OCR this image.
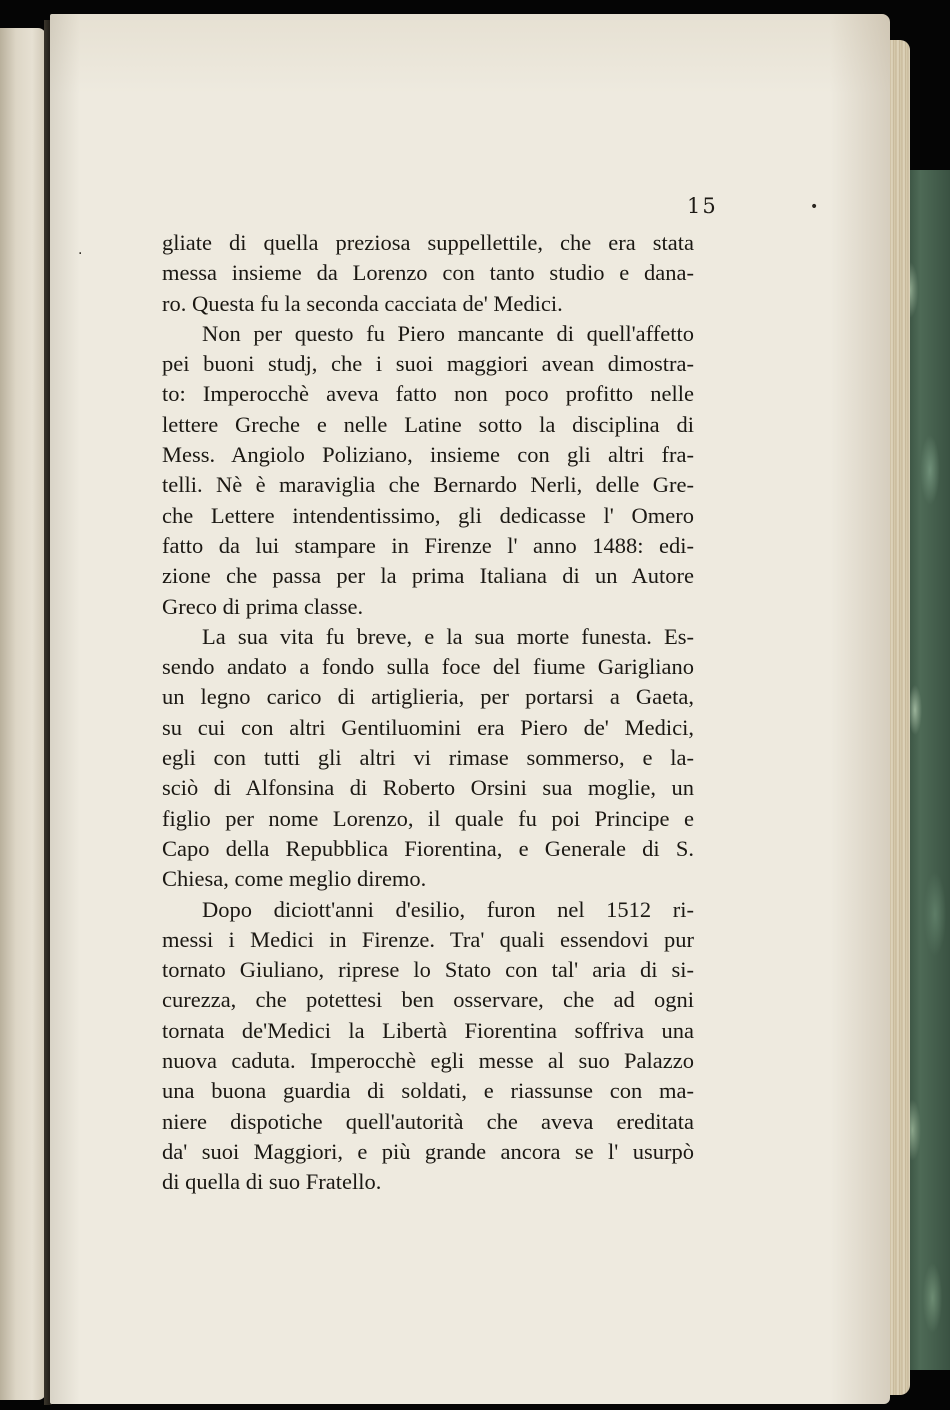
15
gliate di quella preziosa suppellettile, che era stata
messa insieme da Lorenzo con tanto studio e dana-
ro. Questa fu la seconda cacciata de' Medici.
Non per questo fu Piero mancante di quell'affetto
pei buoni studj, che i suoi maggiori avean dimostra-
to: Imperocchè aveva fatto non poco profitto nelle
lettere Greche e nelle Latine sotto la disciplina di
Mess. Angiolo Poliziano, insieme con gli altri fra-
telli. Nè è maraviglia che Bernardo Nerli, delle Gre-
che Lettere intendentissimo, gli dedicasse l' Omero
fatto da lui stampare in Firenze l' anno 1488: edi-
zione che passa per la prima Italiana di un Autore
Greco di prima classe.
La sua vita fu breve, e la sua morte funesta. Es-
sendo andato a fondo sulla foce del fiume Garigliano
un legno carico di artiglieria, per portarsi a Gaeta,
su cui con altri Gentiluomini era Piero de' Medici,
egli con tutti gli altri vi rimase sommerso, e la-
sciò di Alfonsina di Roberto Orsini sua moglie, un
figlio per nome Lorenzo, il quale fu poi Principe e
Capo della Repubblica Fiorentina, e Generale di S.
Chiesa, come meglio diremo.
Dopo diciott'anni d'esilio, furon nel 1512 ri-
messi i Medici in Firenze. Tra' quali essendovi pur
tornato Giuliano, riprese lo Stato con tal' aria di si-
curezza, che potettesi ben osservare, che ad ogni
tornata de'Medici la Libertà Fiorentina soffriva una
nuova caduta. Imperocchè egli messe al suo Palazzo
una buona guardia di soldati, e riassunse con ma-
niere dispotiche quell'autorità che aveva ereditata
da' suoi Maggiori, e più grande ancora se l' usurpò
di quella di suo Fratello.
•
·
